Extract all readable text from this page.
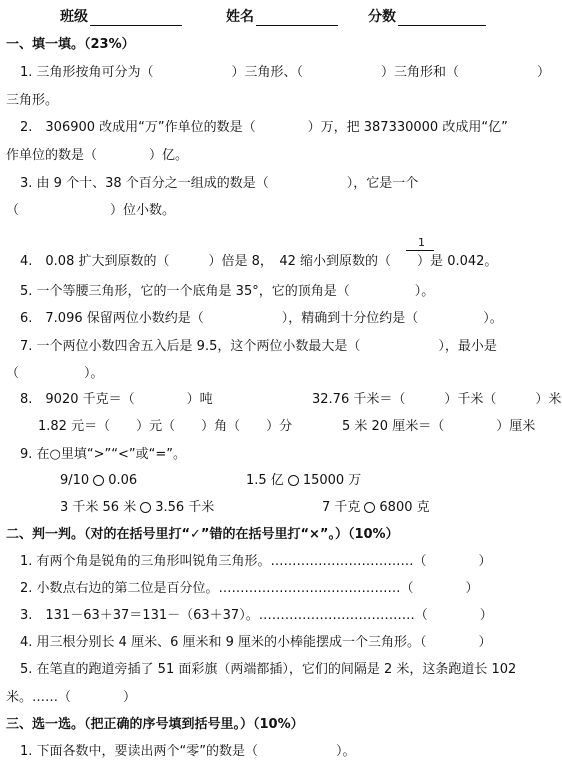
班级	姓名	分数
一、填一填。（23%）
1. 三角形按角可分为（　　　　　　）三角形、（　　　　　　）三角形和（　　　　　　）
三角形。
2.　306900 改成用“万”作单位的数是（　　　　）万，把 387330000 改成用“亿”
作单位的数是（　　　　）亿。
3. 由 9 个十、38 个百分之一组成的数是（　　　　　　），它是一个
（　　　　　　　）位小数。
4.　0.08 扩大到原数的（　　　）倍是 8，　42 缩小到原数的（　　）是 0.042。
1
5. 一个等腰三角形，它的一个底角是 35°，它的顶角是（　　　　　）。
6.　7.096 保留两位小数约是（　　　　　　），精确到十分位约是（　　　　　）。
7. 一个两位小数四舍五入后是 9.5，这个两位小数最大是（　　　　　　），最小是
（　　　　　）。
8.　9020 千克＝（　　　　）吨	32.76 千米＝（　　　）千米（　　　）米
1.82 元＝（　　）元（　　）角（　　）分	5 米 20 厘米＝（　　　　）厘米
9. 在○里填“>”“<”或“=”。
9/10 0.06	1.5 亿 15000 万
3 千米 56 米 3.56 千米	7 千克 6800 克
二、判一判。（对的在括号里打“✓”错的在括号里打“×”。）（10%）
1. 有两个角是锐角的三角形叫锐角三角形。……………………………（　　　　）
2. 小数点右边的第二位是百分位。……………………………………（　　　　）
3.　131－63＋37＝131－（63＋37）。………………………………（　　　　）
4. 用三根分别长 4 厘米、6 厘米和 9 厘米的小棒能摆成一个三角形。（　　　　）
5. 在笔直的跑道旁插了 51 面彩旗（两端都插），它们的间隔是 2 米，这条跑道长 102
米。……（　　　　）
三、选一选。（把正确的序号填到括号里。）（10%）
1. 下面各数中，要读出两个“零”的数是（　　　　　　）。
